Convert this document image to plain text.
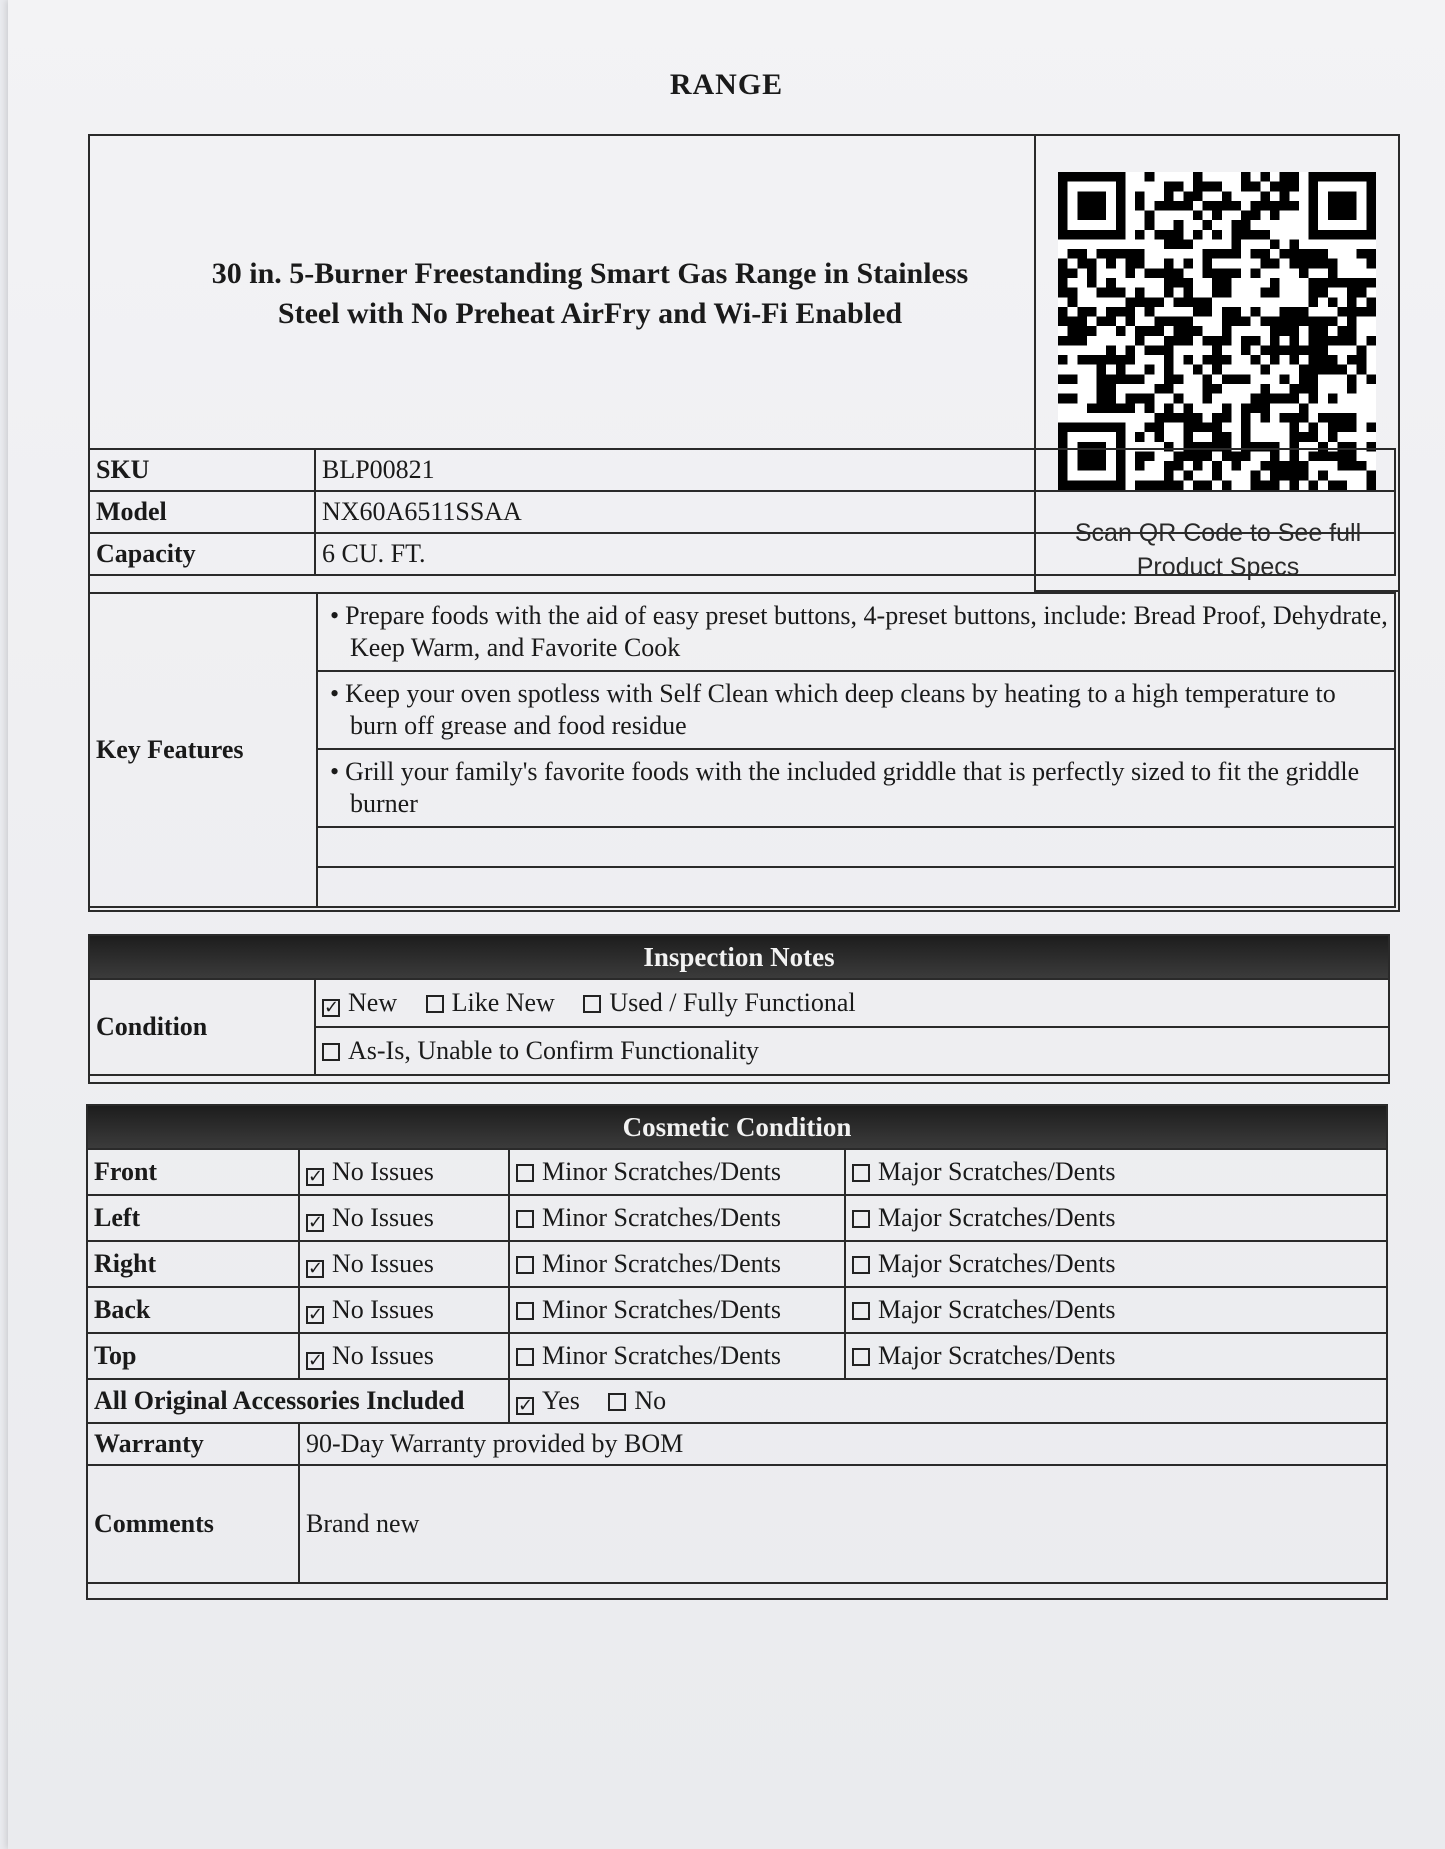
RANGE
30 in. 5-Burner Freestanding Smart Gas Range in Stainless
Steel with No Preheat AirFry and Wi-Fi Enabled
Scan QR Code to See full
Product Specs
SKU	BLP00821
Model	NX60A6511SSAA
Capacity	6 CU. FT.
Key Features	
• Prepare foods with the aid of easy preset buttons, 4-preset buttons, include: Bread Proof, Dehydrate, Keep Warm, and Favorite Cook

• Keep your oven spotless with Self Clean which deep cleans by heating to a high temperature to burn off grease and food residue

• Grill your family's favorite foods with the included griddle that is perfectly sized to fit the griddle burner

Inspection Notes
Condition	✓New Like New Used / Fully Functional
As-Is, Unable to Confirm Functionality
Cosmetic Condition
Front	✓No Issues	Minor Scratches/Dents	Major Scratches/Dents
Left	✓No Issues	Minor Scratches/Dents	Major Scratches/Dents
Right	✓No Issues	Minor Scratches/Dents	Major Scratches/Dents
Back	✓No Issues	Minor Scratches/Dents	Major Scratches/Dents
Top	✓No Issues	Minor Scratches/Dents	Major Scratches/Dents
All Original Accessories Included	✓Yes No
Warranty	90-Day Warranty provided by BOM		
Comments	Brand new		
